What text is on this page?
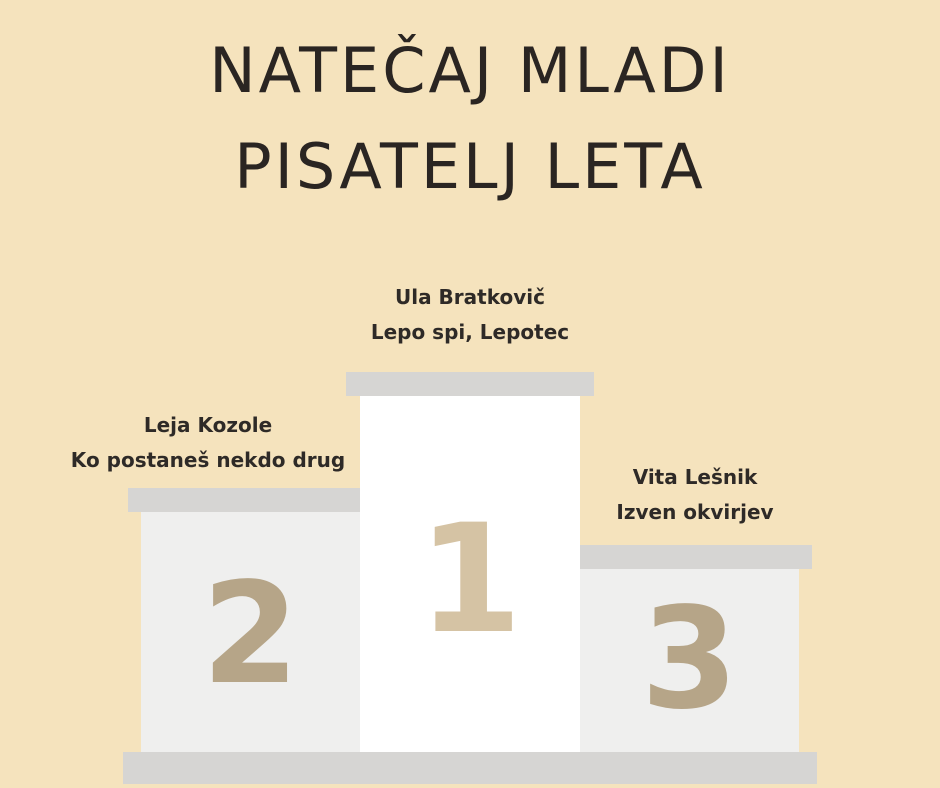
NATEČAJ MLADI
PISATELJ LETA
Ula Bratkovič
Lepo spi, Lepotec
Leja Kozole
Ko postaneš nekdo drug
Vita Lešnik
Izven okvirjev
2 1 3
